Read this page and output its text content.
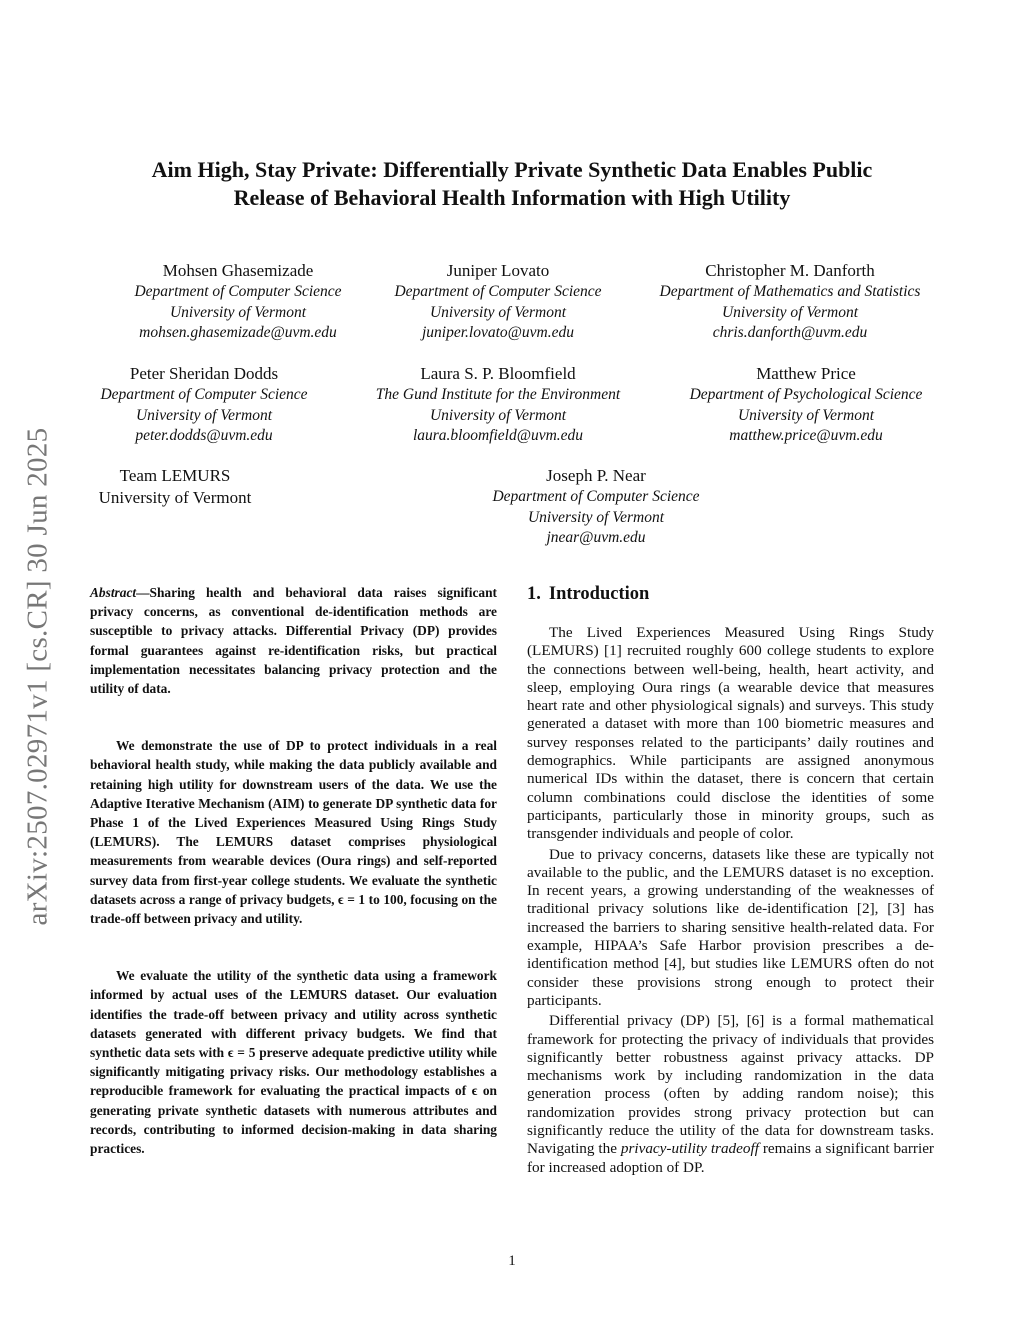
arXiv:2507.02971v1 [cs.CR] 30 Jun 2025
Aim High, Stay Private: Differentially Private Synthetic Data Enables Public
Release of Behavioral Health Information with High Utility
Mohsen Ghasemizade
Department of Computer Science
University of Vermont
mohsen.ghasemizade@uvm.edu
Juniper Lovato
Department of Computer Science
University of Vermont
juniper.lovato@uvm.edu
Christopher M. Danforth
Department of Mathematics and Statistics
University of Vermont
chris.danforth@uvm.edu
Peter Sheridan Dodds
Department of Computer Science
University of Vermont
peter.dodds@uvm.edu
Laura S. P. Bloomfield
The Gund Institute for the Environment
University of Vermont
laura.bloomfield@uvm.edu
Matthew Price
Department of Psychological Science
University of Vermont
matthew.price@uvm.edu
Team LEMURS
University of Vermont
Joseph P. Near
Department of Computer Science
University of Vermont
jnear@uvm.edu

Abstract—Sharing health and behavioral data raises significant privacy concerns, as conventional de-identification methods are susceptible to privacy attacks. Differential Privacy (DP) provides formal guarantees against re-identification risks, but practical implementation necessitates balancing privacy protection and the utility of data.

We demonstrate the use of DP to protect individuals in a real behavioral health study, while making the data publicly available and retaining high utility for downstream users of the data. We use the Adaptive Iterative Mechanism (AIM) to generate DP synthetic data for Phase 1 of the Lived Experiences Measured Using Rings Study (LEMURS). The LEMURS dataset comprises physiological measurements from wearable devices (Oura rings) and self-reported survey data from first-year college students. We evaluate the synthetic datasets across a range of privacy budgets, ϵ = 1 to 100, focusing on the trade-off between privacy and utility.

We evaluate the utility of the synthetic data using a framework informed by actual uses of the LEMURS dataset. Our evaluation identifies the trade-off between privacy and utility across synthetic datasets generated with different privacy budgets. We find that synthetic data sets with ϵ = 5 preserve adequate predictive utility while significantly mitigating privacy risks. Our methodology establishes a reproducible framework for evaluating the practical impacts of ϵ on generating private synthetic datasets with numerous attributes and records, contributing to informed decision-making in data sharing practices.

1. Introduction

The Lived Experiences Measured Using Rings Study (LEMURS) [1] recruited roughly 600 college students to explore the connections between well-being, health, heart activity, and sleep, employing Oura rings (a wearable device that measures heart rate and other physiological signals) and surveys. This study generated a dataset with more than 100 biometric measures and survey responses related to the participants’ daily routines and demographics. While participants are assigned anonymous numerical IDs within the dataset, there is concern that certain column combinations could disclose the identities of some participants, particularly those in minority groups, such as transgender individuals and people of color.

Due to privacy concerns, datasets like these are typically not available to the public, and the LEMURS dataset is no exception. In recent years, a growing understanding of the weaknesses of traditional privacy solutions like de-identification [2], [3] has increased the barriers to sharing sensitive health-related data. For example, HIPAA’s Safe Harbor provision prescribes a de-identification method [4], but studies like LEMURS often do not consider these provisions strong enough to protect their participants.

Differential privacy (DP) [5], [6] is a formal mathematical framework for protecting the privacy of individuals that provides significantly better robustness against privacy attacks. DP mechanisms work by including randomization in the data generation process (often by adding random noise); this randomization provides strong privacy protection but can significantly reduce the utility of the data for downstream tasks. Navigating the privacy-utility tradeoff remains a significant barrier for increased adoption of DP.

1
